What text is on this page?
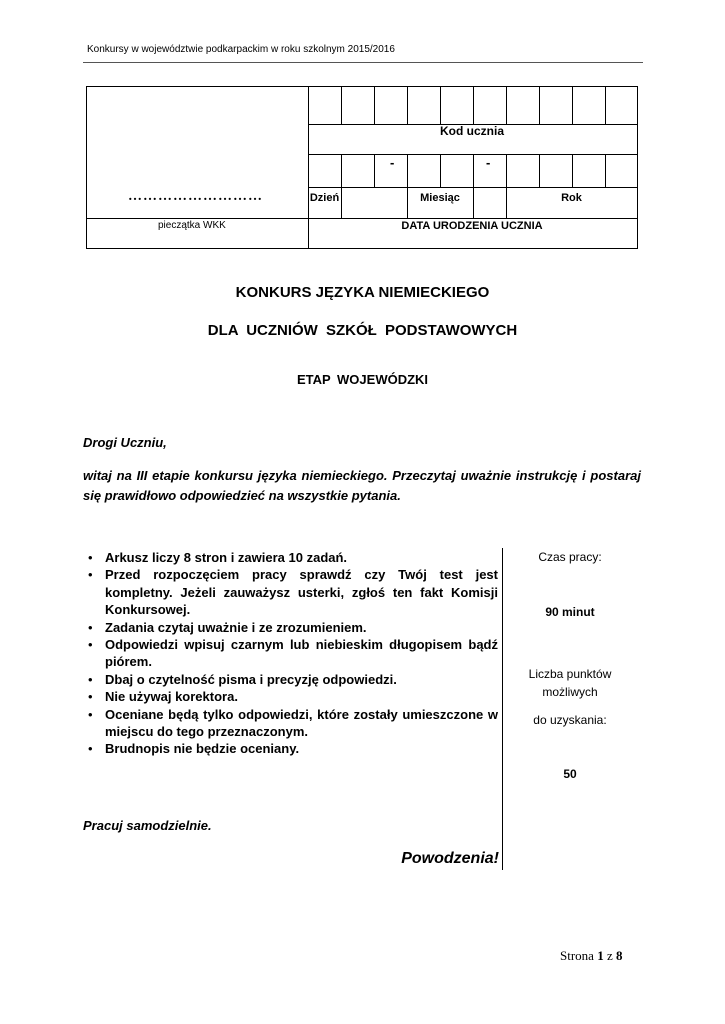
Konkursy w województwie podkarpackim w roku szkolnym 2015/2016
-	-
Dzień	Miesiąc	Rok
Kod ucznia
………………………
pieczątka WKK	DATA URODZENIA UCZNIA
KONKURS JĘZYKA NIEMIECKIEGO
DLA UCZNIÓW SZKÓŁ PODSTAWOWYCH
ETAP WOJEWÓDZKI
Drogi Uczniu,
witaj na III etapie konkursu języka niemieckiego. Przeczytaj uważnie instrukcję i postaraj się prawidłowo odpowiedzieć na wszystkie pytania.
• Arkusz liczy 8 stron i zawiera 10 zadań.
• Przed rozpoczęciem pracy sprawdź czy Twój test jest kompletny. Jeżeli zauważysz usterki, zgłoś ten fakt Komisji Konkursowej.
• Zadania czytaj uważnie i ze zrozumieniem.
• Odpowiedzi wpisuj czarnym lub niebieskim długopisem bądź piórem.
• Dbaj o czytelność pisma i precyzję odpowiedzi.
• Nie używaj korektora.
• Oceniane będą tylko odpowiedzi, które zostały umieszczone w miejscu do tego przeznaczonym.
• Brudnopis nie będzie oceniany.
Czas pracy:
90 minut
Liczba punktów możliwych
do uzyskania:
50
Pracuj samodzielnie.
Powodzenia!
Strona 1 z 8
